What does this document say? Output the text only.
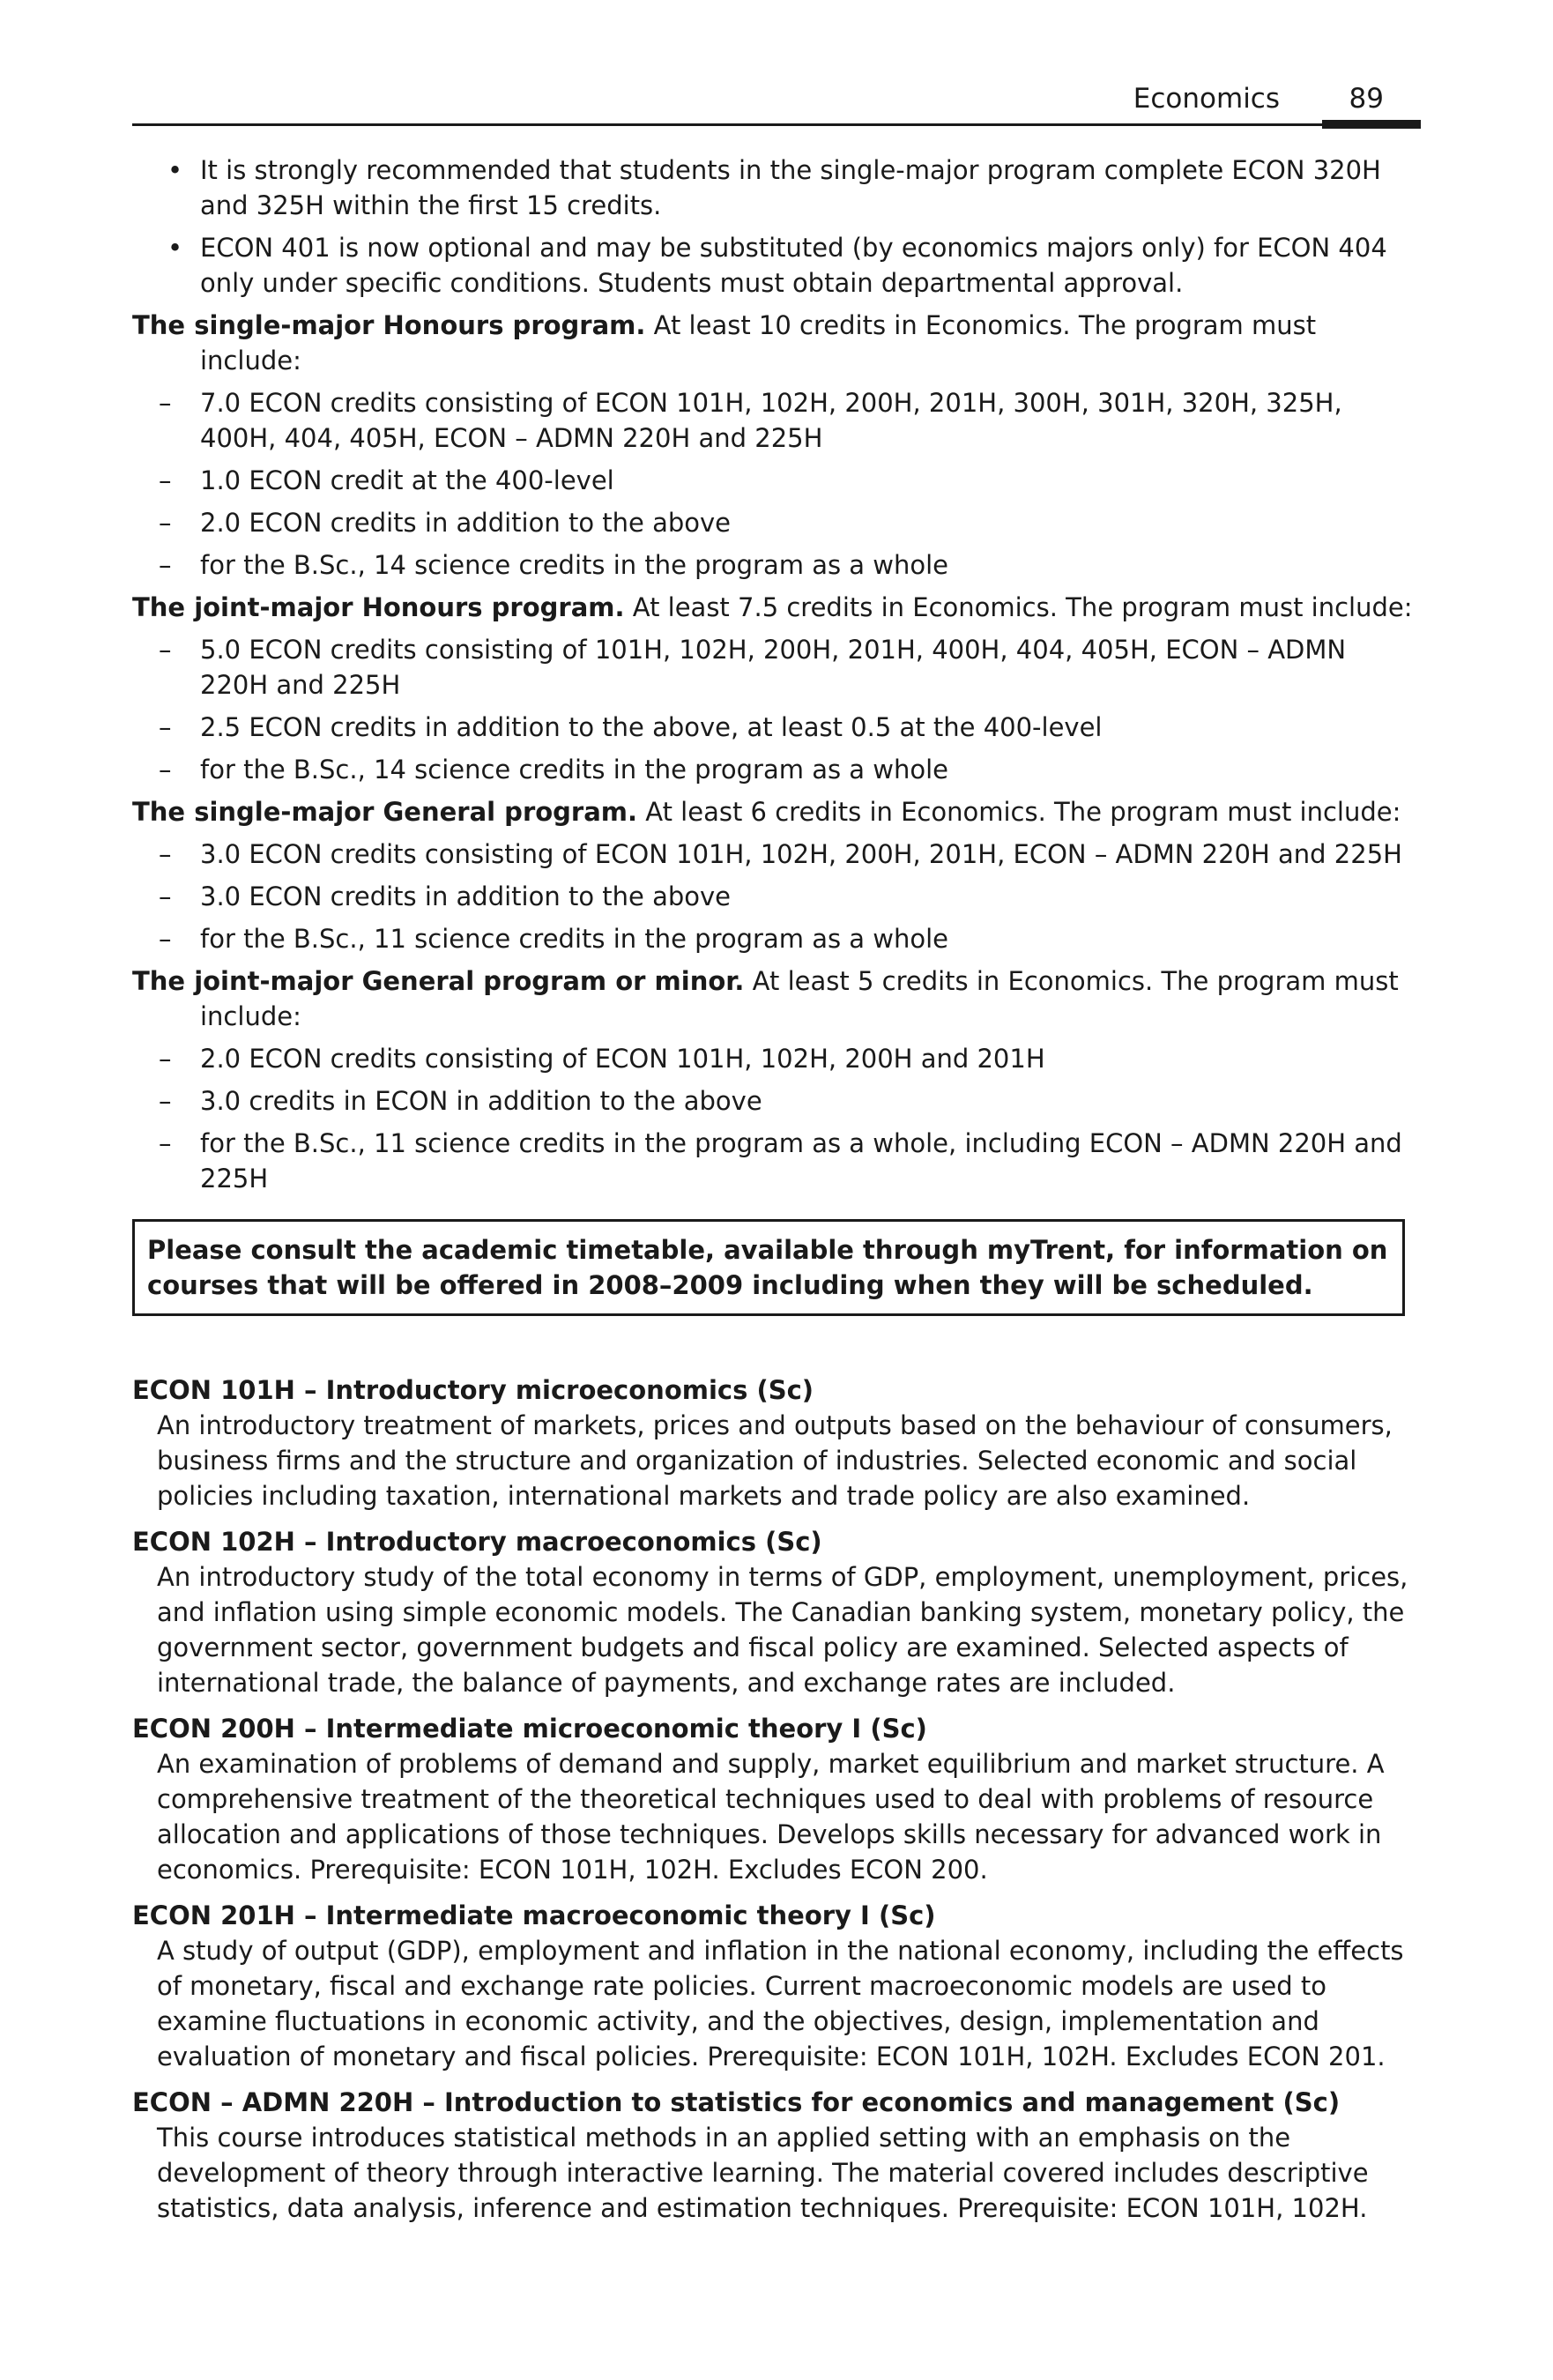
Economics	89
• It is strongly recommended that students in the single-major program complete ECON 320H and 325H within the first 15 credits.
• ECON 401 is now optional and may be substituted (by economics majors only) for ECON 404 only under specific conditions. Students must obtain departmental approval.
The single-major Honours program. At least 10 credits in Economics. The program must include:
– 7.0 ECON credits consisting of ECON 101H, 102H, 200H, 201H, 300H, 301H, 320H, 325H, 400H, 404, 405H, ECON – ADMN 220H and 225H
– 1.0 ECON credit at the 400-level
– 2.0 ECON credits in addition to the above
– for the B.Sc., 14 science credits in the program as a whole
The joint-major Honours program. At least 7.5 credits in Economics. The program must include:
– 5.0 ECON credits consisting of 101H, 102H, 200H, 201H, 400H, 404, 405H, ECON – ADMN 220H and 225H
– 2.5 ECON credits in addition to the above, at least 0.5 at the 400-level
– for the B.Sc., 14 science credits in the program as a whole
The single-major General program. At least 6 credits in Economics. The program must include:
– 3.0 ECON credits consisting of ECON 101H, 102H, 200H, 201H, ECON – ADMN 220H and 225H
– 3.0 ECON credits in addition to the above
– for the B.Sc., 11 science credits in the program as a whole
The joint-major General program or minor. At least 5 credits in Economics. The program must include:
– 2.0 ECON credits consisting of ECON 101H, 102H, 200H and 201H
– 3.0 credits in ECON in addition to the above
– for the B.Sc., 11 science credits in the program as a whole, including ECON – ADMN 220H and 225H
Please consult the academic timetable, available through myTrent, for information on courses that will be offered in 2008–2009 including when they will be scheduled.
ECON 101H – Introductory microeconomics (Sc)
An introductory treatment of markets, prices and outputs based on the behaviour of consumers, business firms and the structure and organization of industries. Selected economic and social policies including taxation, international markets and trade policy are also examined.
ECON 102H – Introductory macroeconomics (Sc)
An introductory study of the total economy in terms of GDP, employment, unemployment, prices, and inflation using simple economic models. The Canadian banking system, monetary policy, the government sector, government budgets and fiscal policy are examined. Selected aspects of international trade, the balance of payments, and exchange rates are included.
ECON 200H – Intermediate microeconomic theory I (Sc)
An examination of problems of demand and supply, market equilibrium and market structure. A comprehensive treatment of the theoretical techniques used to deal with problems of resource allocation and applications of those techniques. Develops skills necessary for advanced work in economics. Prerequisite: ECON 101H, 102H. Excludes ECON 200.
ECON 201H – Intermediate macroeconomic theory I (Sc)
A study of output (GDP), employment and inflation in the national economy, including the effects of monetary, fiscal and exchange rate policies. Current macroeconomic models are used to examine fluctuations in economic activity, and the objectives, design, implementation and evaluation of monetary and fiscal policies. Prerequisite: ECON 101H, 102H. Excludes ECON 201.
ECON – ADMN 220H – Introduction to statistics for economics and management (Sc)
This course introduces statistical methods in an applied setting with an emphasis on the development of theory through interactive learning. The material covered includes descriptive statistics, data analysis, inference and estimation techniques. Prerequisite: ECON 101H, 102H.
